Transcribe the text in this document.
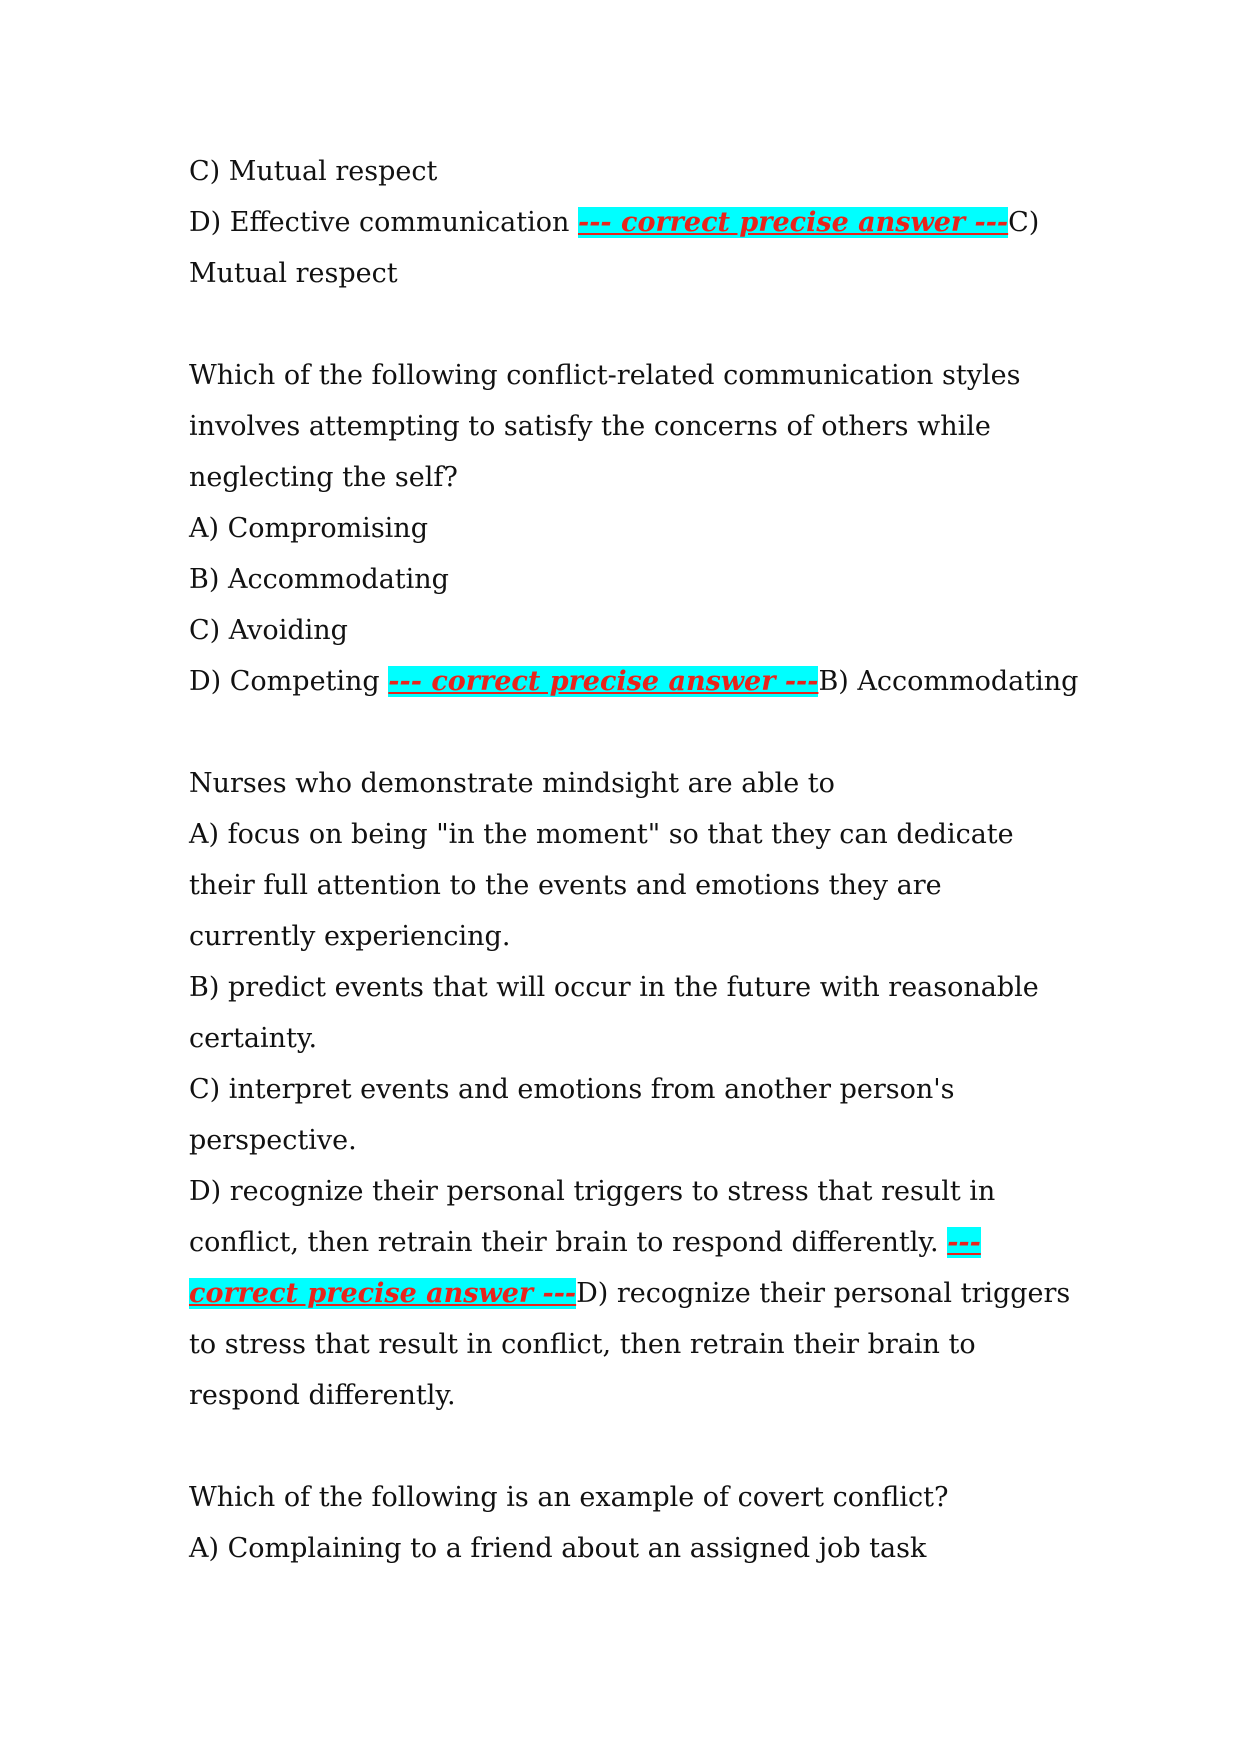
C) Mutual respect
D) Effective communication --- correct precise answer ---C)
Mutual respect
Which of the following conflict-related communication styles
involves attempting to satisfy the concerns of others while
neglecting the self?
A) Compromising
B) Accommodating
C) Avoiding
D) Competing --- correct precise answer ---B) Accommodating
Nurses who demonstrate mindsight are able to
A) focus on being "in the moment" so that they can dedicate
their full attention to the events and emotions they are
currently experiencing.
B) predict events that will occur in the future with reasonable
certainty.
C) interpret events and emotions from another person's
perspective.
D) recognize their personal triggers to stress that result in
conflict, then retrain their brain to respond differently. ---
correct precise answer ---D) recognize their personal triggers
to stress that result in conflict, then retrain their brain to
respond differently.
Which of the following is an example of covert conflict?
A) Complaining to a friend about an assigned job task
